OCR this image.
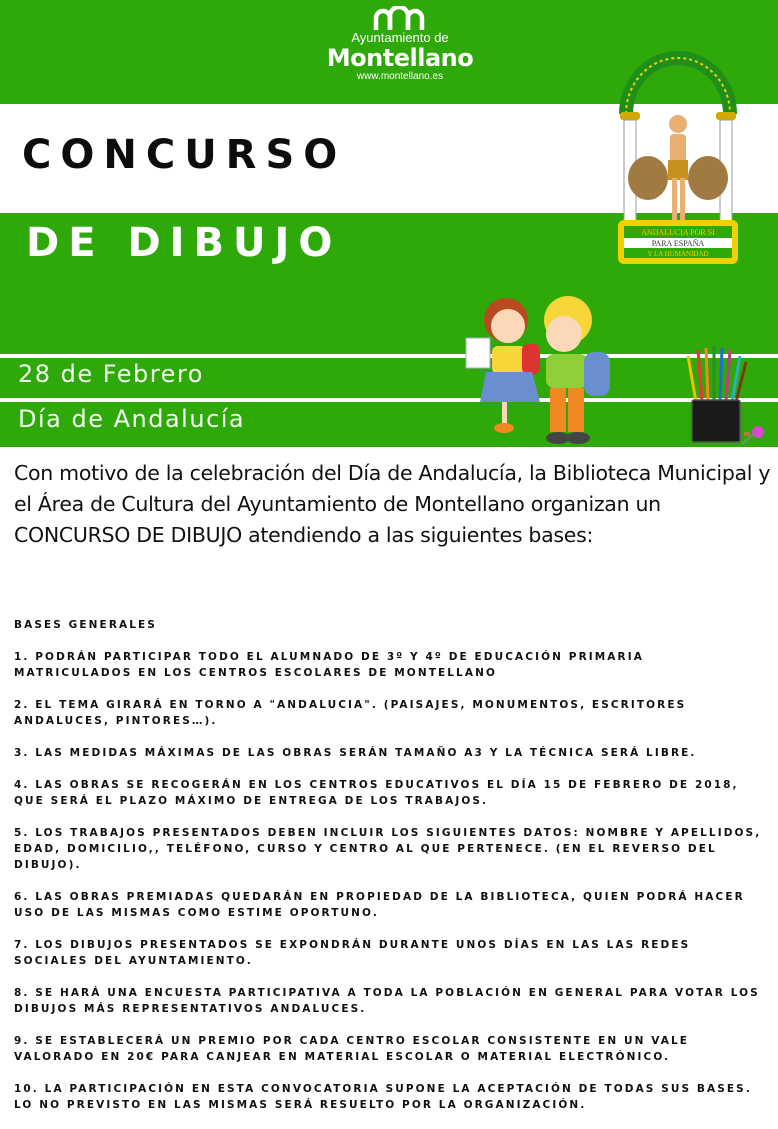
Ayuntamiento de
Montellano
www.montellano.es
ANDALUCIA POR SI
PARA ESPAÑA
Y LA HUMANIDAD
CONCURSO
DE DIBUJO
28 de Febrero
Día de Andalucía
Con motivo de la celebración del Día de Andalucía, la Biblioteca Municipal y el Área de Cultura del Ayuntamiento de Montellano organizan un CONCURSO DE DIBUJO atendiendo a las siguientes bases:
BASES GENERALES
1. PODRÁN PARTICIPAR TODO EL ALUMNADO DE 3º Y 4º DE EDUCACIÓN PRIMARIA MATRICULADOS EN LOS CENTROS ESCOLARES DE MONTELLANO
2. EL TEMA GIRARÁ EN TORNO A "ANDALUCIA". (PAISAJES, MONUMENTOS, ESCRITORES ANDALUCES, PINTORES…).
3. LAS MEDIDAS MÁXIMAS DE LAS OBRAS SERÁN TAMAÑO A3 Y LA TÉCNICA SERÁ LIBRE.
4. LAS OBRAS SE RECOGERÁN EN LOS CENTROS EDUCATIVOS EL DÍA 15 DE FEBRERO DE 2018, QUE SERÁ EL PLAZO MÁXIMO DE ENTREGA DE LOS TRABAJOS.
5. LOS TRABAJOS PRESENTADOS DEBEN INCLUIR LOS SIGUIENTES DATOS: NOMBRE Y APELLIDOS, EDAD, DOMICILIO,, TELÉFONO, CURSO Y CENTRO AL QUE PERTENECE. (EN EL REVERSO DEL DIBUJO).
6. LAS OBRAS PREMIADAS QUEDARÁN EN PROPIEDAD DE LA BIBLIOTECA, QUIEN PODRÁ HACER USO DE LAS MISMAS COMO ESTIME OPORTUNO.
7. LOS DIBUJOS PRESENTADOS SE EXPONDRÁN DURANTE UNOS DÍAS EN LAS LAS REDES SOCIALES DEL AYUNTAMIENTO.
8. SE HARÁ UNA ENCUESTA PARTICIPATIVA A TODA LA POBLACIÓN EN GENERAL PARA VOTAR LOS DIBUJOS MÁS REPRESENTATIVOS ANDALUCES.
9. SE ESTABLECERÁ UN PREMIO POR CADA CENTRO ESCOLAR CONSISTENTE EN UN VALE VALORADO EN 20€ PARA CANJEAR EN MATERIAL ESCOLAR O MATERIAL ELECTRÓNICO.
10. LA PARTICIPACIÓN EN ESTA CONVOCATORIA SUPONE LA ACEPTACIÓN DE TODAS SUS BASES. LO NO PREVISTO EN LAS MISMAS SERÁ RESUELTO POR LA ORGANIZACIÓN.
